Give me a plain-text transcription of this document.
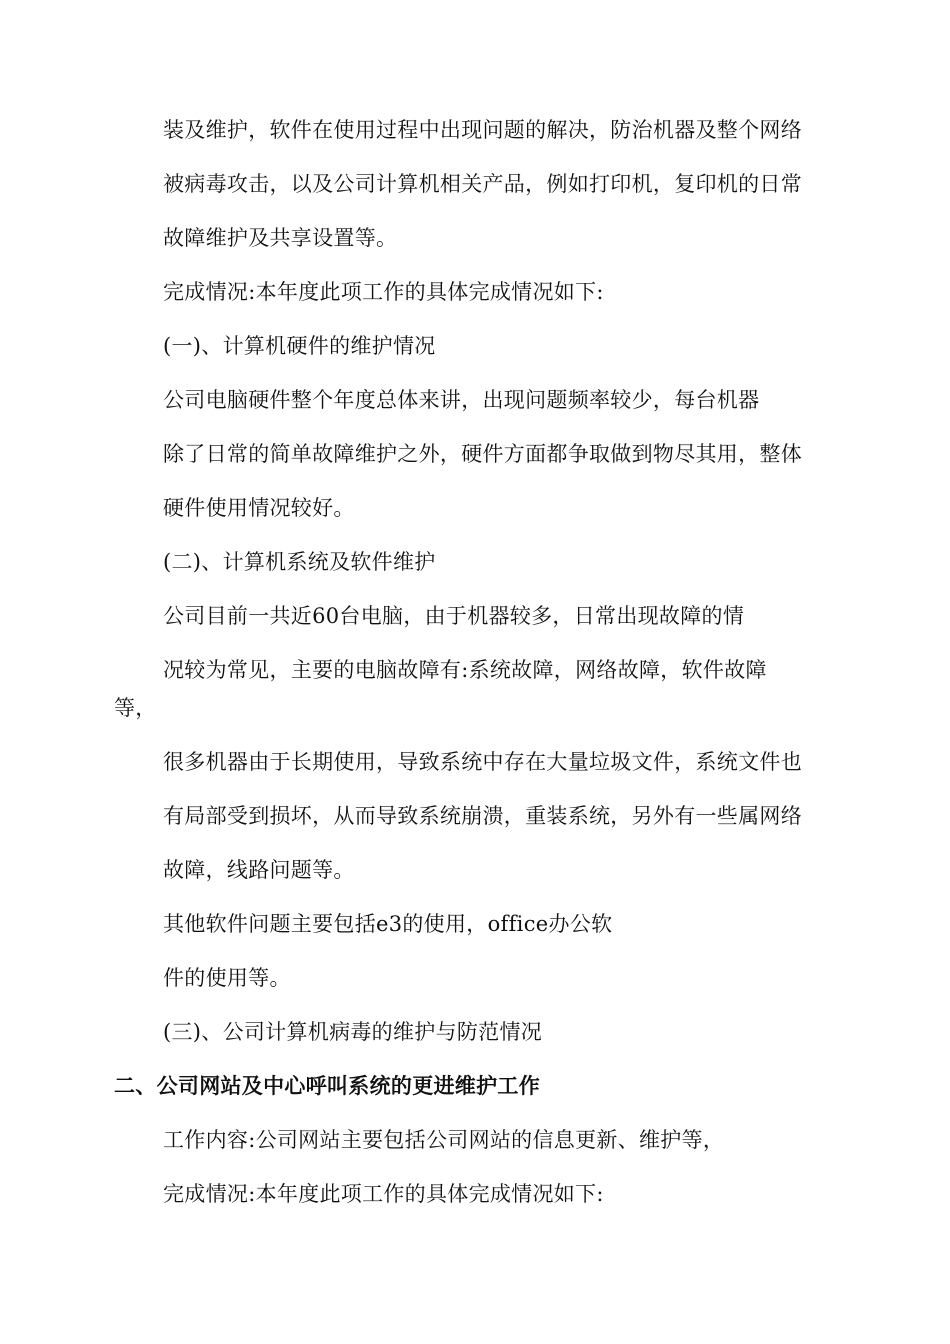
装及维护，软件在使用过程中出现问题的解决，防治机器及整个网络
被病毒攻击，以及公司计算机相关产品，例如打印机，复印机的日常
故障维护及共享设置等。
完成情况:本年度此项工作的具体完成情况如下:
(一)、计算机硬件的维护情况
公司电脑硬件整个年度总体来讲，出现问题频率较少，每台机器
除了日常的简单故障维护之外，硬件方面都争取做到物尽其用，整体
硬件使用情况较好。
(二)、计算机系统及软件维护
公司目前一共近60台电脑，由于机器较多，日常出现故障的情
况较为常见，主要的电脑故障有:系统故障，网络故障，软件故障
等，
很多机器由于长期使用，导致系统中存在大量垃圾文件，系统文件也
有局部受到损坏，从而导致系统崩溃，重装系统，另外有一些属网络
故障，线路问题等。
其他软件问题主要包括e3的使用，office办公软
件的使用等。
(三)、公司计算机病毒的维护与防范情况
二、公司网站及中心呼叫系统的更进维护工作
工作内容:公司网站主要包括公司网站的信息更新、维护等，
完成情况:本年度此项工作的具体完成情况如下:
